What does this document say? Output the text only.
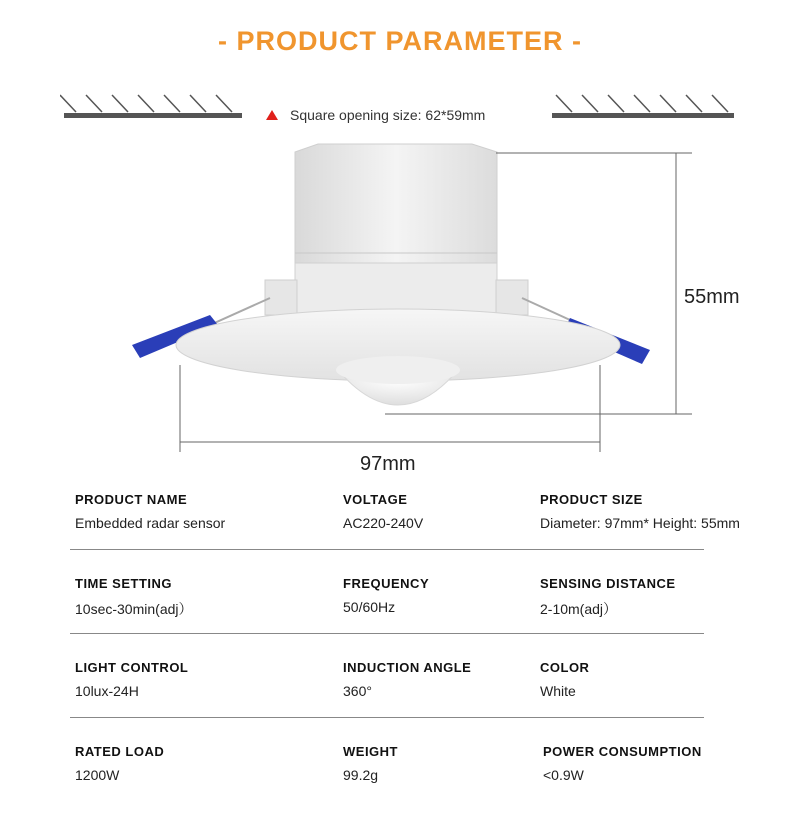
- PRODUCT PARAMETER -
Square opening size: 62*59mm
97mm
55mm
PRODUCT NAME
Embedded radar sensor
VOLTAGE
AC220-240V
PRODUCT SIZE
Diameter: 97mm* Height: 55mm
TIME SETTING
10sec-30min(adj）
FREQUENCY
50/60Hz
SENSING DISTANCE
2-10m(adj）
LIGHT CONTROL
10lux-24H
INDUCTION ANGLE
360°
COLOR
White
RATED LOAD
1200W
WEIGHT
99.2g
POWER CONSUMPTION
<0.9W
